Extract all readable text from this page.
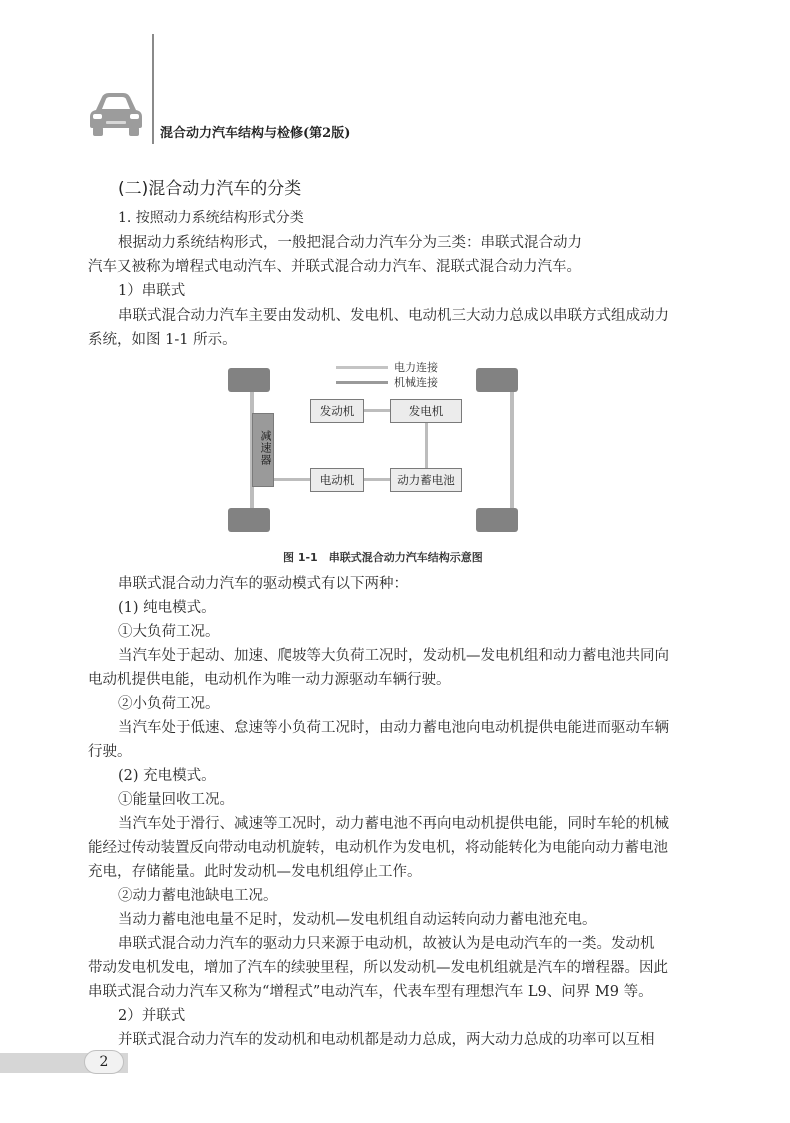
混合动力汽车结构与检修(第2版)
(二)混合动力汽车的分类
1. 按照动力系统结构形式分类
根据动力系统结构形式，一般把混合动力汽车分为三类：串联式混合动力
汽车又被称为增程式电动汽车、并联式混合动力汽车、混联式混合动力汽车。
1）串联式
串联式混合动力汽车主要由发动机、发电机、电动机三大动力总成以串联方式组成动力
系统，如图 1-1 所示。
电力连接
机械连接
减速器
发动机	发电机
电动机	动力蓄电池
图 1-1　串联式混合动力汽车结构示意图
串联式混合动力汽车的驱动模式有以下两种：
(1) 纯电模式。
①大负荷工况。
当汽车处于起动、加速、爬坡等大负荷工况时，发动机—发电机组和动力蓄电池共同向
电动机提供电能，电动机作为唯一动力源驱动车辆行驶。
②小负荷工况。
当汽车处于低速、怠速等小负荷工况时，由动力蓄电池向电动机提供电能进而驱动车辆
行驶。
(2) 充电模式。
①能量回收工况。
当汽车处于滑行、减速等工况时，动力蓄电池不再向电动机提供电能，同时车轮的机械
能经过传动装置反向带动电动机旋转，电动机作为发电机，将动能转化为电能向动力蓄电池
充电，存储能量。此时发动机—发电机组停止工作。
②动力蓄电池缺电工况。
当动力蓄电池电量不足时，发动机—发电机组自动运转向动力蓄电池充电。
串联式混合动力汽车的驱动力只来源于电动机，故被认为是电动汽车的一类。发动机
带动发电机发电，增加了汽车的续驶里程，所以发动机—发电机组就是汽车的增程器。因此
串联式混合动力汽车又称为“增程式”电动汽车，代表车型有理想汽车 L9、问界 M9 等。
2）并联式
并联式混合动力汽车的发动机和电动机都是动力总成，两大动力总成的功率可以互相
2
